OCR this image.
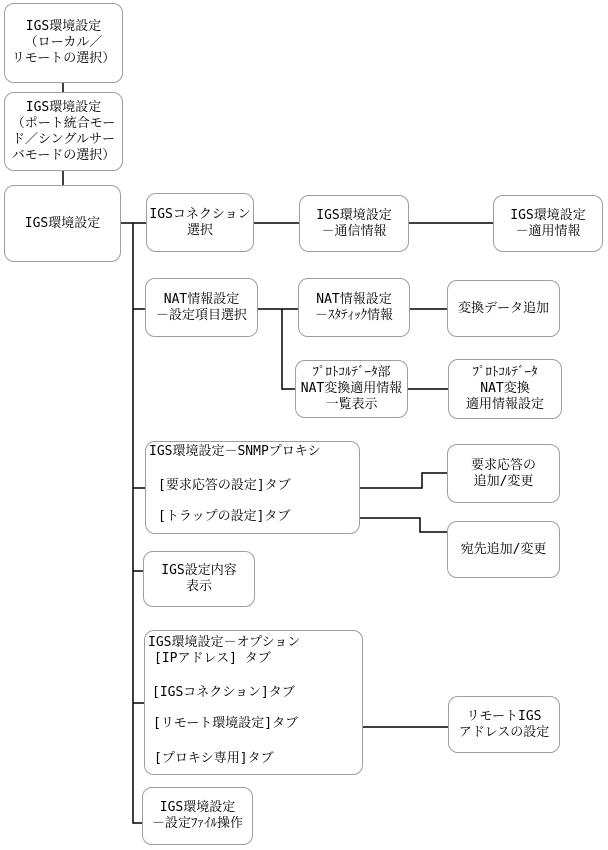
IGS環境設定
（ローカル／
リモートの選択）
IGS環境設定
（ポート統合モー
ド／シングルサー
バモードの選択）
IGS環境設定
IGSコネクション
選択
IGS環境設定
－通信情報
IGS環境設定
－適用情報
NAT情報設定
－設定項目選択
NAT情報設定
－ｽﾀﾃｨｯｸ情報	変換データ追加
ﾌﾟﾛﾄｺﾙﾃﾞｰﾀ部
NAT変換適用情報
一覧表示
ﾌﾟﾛﾄｺﾙﾃﾞｰﾀ
NAT変換
適用情報設定
IGS環境設定－SNMPプロキシ
[要求応答の設定]タブ
[トラップの設定]タブ
要求応答の
追加/変更
宛先追加/変更
IGS設定内容
表示
IGS環境設定－オプション
[IPアドレス] タブ
[IGSコネクション]タブ
[リモート環境設定]タブ
[プロキシ専用]タブ
リモートIGS
アドレスの設定
IGS環境設定
－設定ﾌｧｲﾙ操作
